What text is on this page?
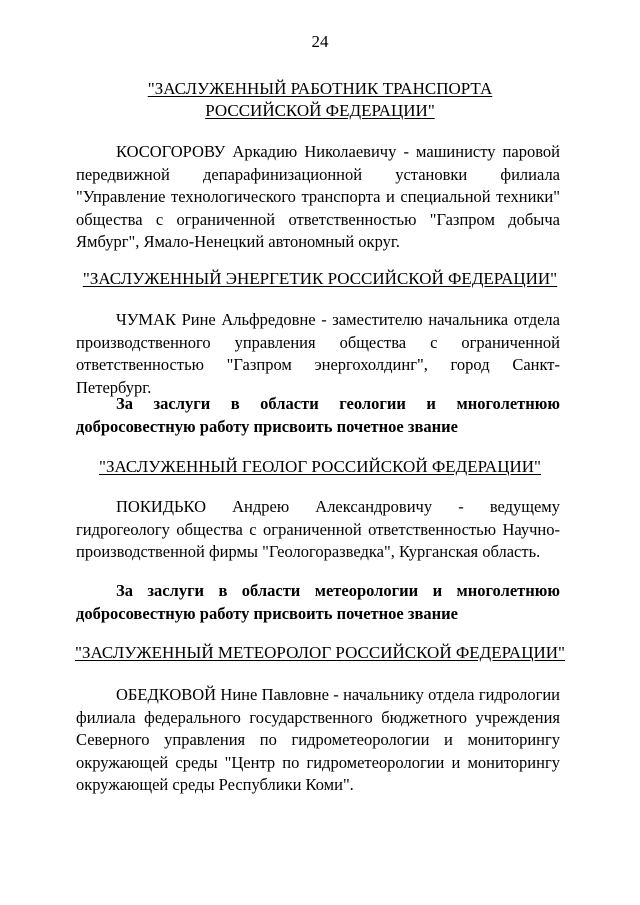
24
"ЗАСЛУЖЕННЫЙ РАБОТНИК ТРАНСПОРТА
РОССИЙСКОЙ ФЕДЕРАЦИИ"
КОСОГОРОВУ Аркадию Николаевичу - машинисту паровой передвижной депарафинизационной установки филиала "Управление технологического транспорта и специальной техники" общества с ограниченной ответственностью "Газпром добыча Ямбург", Ямало-Ненецкий автономный округ.
"ЗАСЛУЖЕННЫЙ ЭНЕРГЕТИК РОССИЙСКОЙ ФЕДЕРАЦИИ"
ЧУМАК Рине Альфредовне - заместителю начальника отдела производственного управления общества с ограниченной ответственностью "Газпром энергохолдинг", город Санкт-Петербург.
За заслуги в области геологии и многолетнюю добросовестную работу присвоить почетное звание
"ЗАСЛУЖЕННЫЙ ГЕОЛОГ РОССИЙСКОЙ ФЕДЕРАЦИИ"
ПОКИДЬКО Андрею Александровичу - ведущему гидрогеологу общества с ограниченной ответственностью Научно-производственной фирмы "Геологоразведка", Курганская область.
За заслуги в области метеорологии и многолетнюю добросовестную работу присвоить почетное звание
"ЗАСЛУЖЕННЫЙ МЕТЕОРОЛОГ РОССИЙСКОЙ ФЕДЕРАЦИИ"
ОБЕДКОВОЙ Нине Павловне - начальнику отдела гидрологии филиала федерального государственного бюджетного учреждения Северного управления по гидрометеорологии и мониторингу окружающей среды "Центр по гидрометеорологии и мониторингу окружающей среды Республики Коми".
